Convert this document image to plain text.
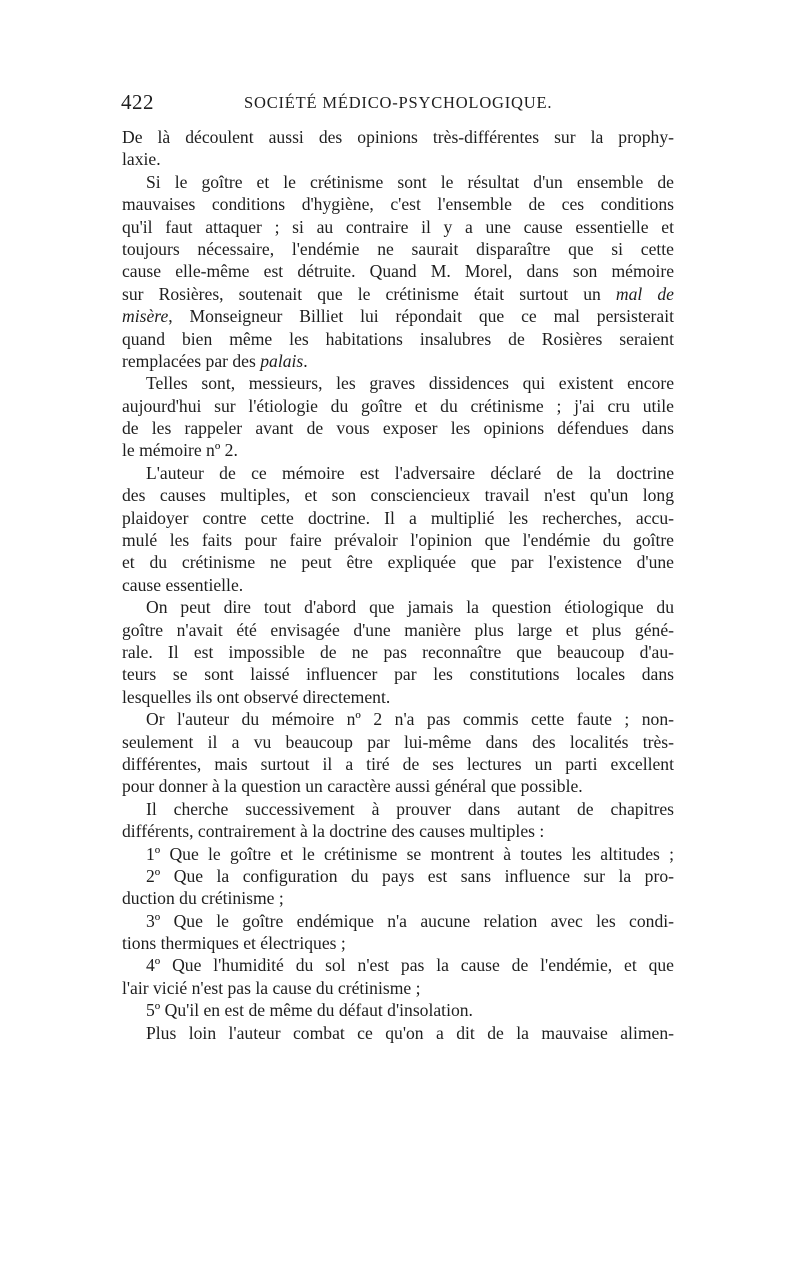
422	SOCIÉTÉ MÉDICO-PSYCHOLOGIQUE.
De là découlent aussi des opinions très-différentes sur la prophy-
laxie.
Si le goître et le crétinisme sont le résultat d'un ensemble de
mauvaises conditions d'hygiène, c'est l'ensemble de ces conditions
qu'il faut attaquer ; si au contraire il y a une cause essentielle et
toujours nécessaire, l'endémie ne saurait disparaître que si cette
cause elle-même est détruite. Quand M. Morel, dans son mémoire
sur Rosières, soutenait que le crétinisme était surtout un mal de
misère, Monseigneur Billiet lui répondait que ce mal persisterait
quand bien même les habitations insalubres de Rosières seraient
remplacées par des palais.
Telles sont, messieurs, les graves dissidences qui existent encore
aujourd'hui sur l'étiologie du goître et du crétinisme ; j'ai cru utile
de les rappeler avant de vous exposer les opinions défendues dans
le mémoire nº 2.
L'auteur de ce mémoire est l'adversaire déclaré de la doctrine
des causes multiples, et son consciencieux travail n'est qu'un long
plaidoyer contre cette doctrine. Il a multiplié les recherches, accu-
mulé les faits pour faire prévaloir l'opinion que l'endémie du goître
et du crétinisme ne peut être expliquée que par l'existence d'une
cause essentielle.
On peut dire tout d'abord que jamais la question étiologique du
goître n'avait été envisagée d'une manière plus large et plus géné-
rale. Il est impossible de ne pas reconnaître que beaucoup d'au-
teurs se sont laissé influencer par les constitutions locales dans
lesquelles ils ont observé directement.
Or l'auteur du mémoire nº 2 n'a pas commis cette faute ; non-
seulement il a vu beaucoup par lui-même dans des localités très-
différentes, mais surtout il a tiré de ses lectures un parti excellent
pour donner à la question un caractère aussi général que possible.
Il cherche successivement à prouver dans autant de chapitres
différents, contrairement à la doctrine des causes multiples :
1º Que le goître et le crétinisme se montrent à toutes les altitudes ;
2º Que la configuration du pays est sans influence sur la pro-
duction du crétinisme ;
3º Que le goître endémique n'a aucune relation avec les condi-
tions thermiques et électriques ;
4º Que l'humidité du sol n'est pas la cause de l'endémie, et que
l'air vicié n'est pas la cause du crétinisme ;
5º Qu'il en est de même du défaut d'insolation.
Plus loin l'auteur combat ce qu'on a dit de la mauvaise alimen-
